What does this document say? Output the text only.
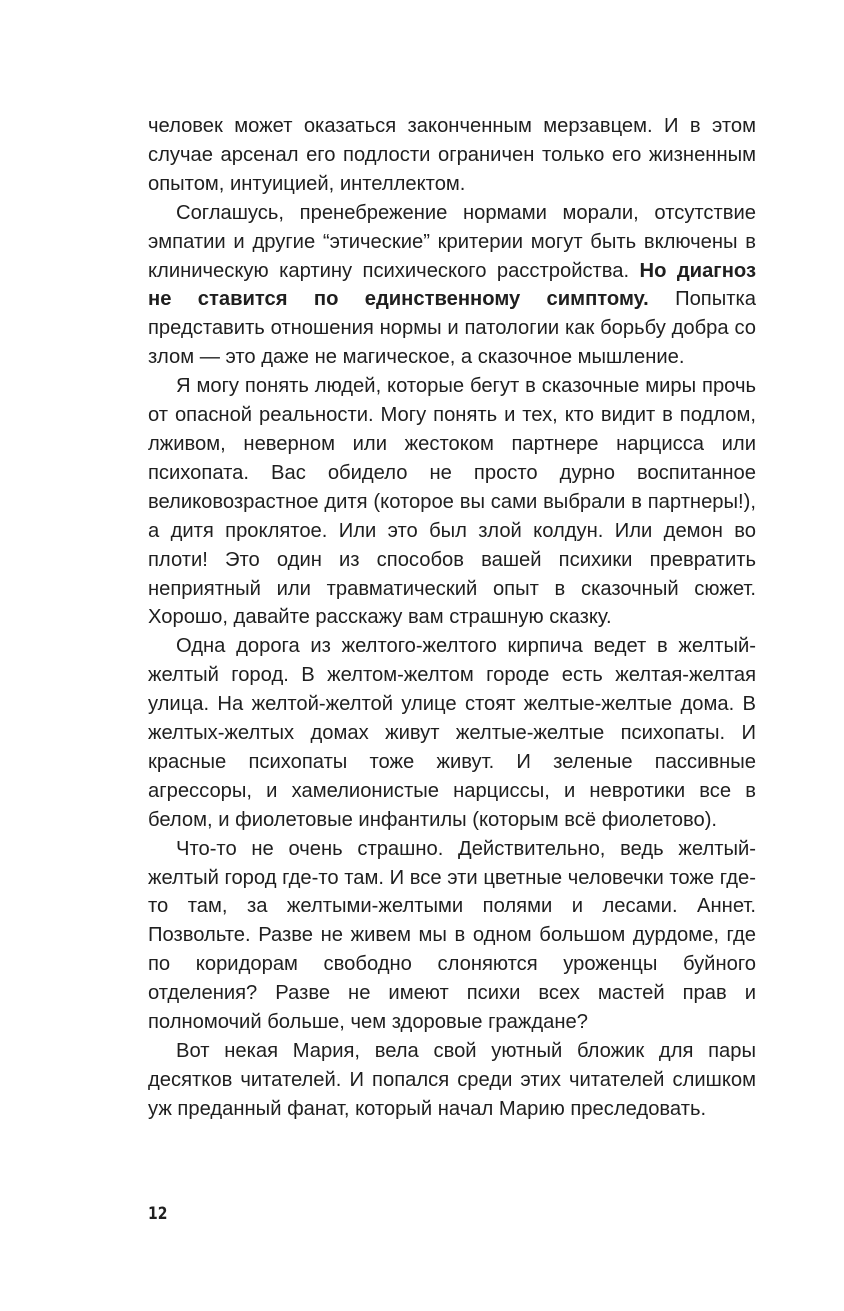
человек может оказаться законченным мерзавцем. И в этом случае арсенал его подлости ограничен только его жизненным опытом, интуицией, интеллектом.

Соглашусь, пренебрежение нормами морали, отсутствие эмпатии и другие “этические” критерии могут быть включены в клиническую картину психического расстройства. Но диагноз не ставится по единственному симптому. Попытка представить отношения нормы и патологии как борьбу добра со злом — это даже не магическое, а сказочное мышление.

Я могу понять людей, которые бегут в сказочные миры прочь от опасной реальности. Могу понять и тех, кто видит в подлом, лживом, неверном или жестоком партнере нарцисса или психопата. Вас обидело не просто дурно воспитанное великовозрастное дитя (которое вы сами выбрали в партнеры!), а дитя проклятое. Или это был злой колдун. Или демон во плоти! Это один из способов вашей психики превратить неприятный или травматический опыт в сказочный сюжет. Хорошо, давайте расскажу вам страшную сказку.

Одна дорога из желтого-желтого кирпича ведет в желтый-желтый город. В желтом-желтом городе есть желтая-желтая улица. На желтой-желтой улице стоят желтые-желтые дома. В желтых-желтых домах живут желтые-желтые психопаты. И красные психопаты тоже живут. И зеленые пассивные агрессоры, и хамелионистые нарциссы, и невротики все в белом, и фиолетовые инфантилы (которым всё фиолетово).

Что-то не очень страшно. Действительно, ведь желтый-желтый город где-то там. И все эти цветные человечки тоже где-то там, за желтыми-желтыми полями и лесами. Аннет. Позвольте. Разве не живем мы в одном большом дурдоме, где по коридорам свободно слоняются уроженцы буйного отделения? Разве не имеют психи всех мастей прав и полномочий больше, чем здоровые граждане?

Вот некая Мария, вела свой уютный бложик для пары десятков читателей. И попался среди этих читателей слишком уж преданный фанат, который начал Марию преследовать.

12
